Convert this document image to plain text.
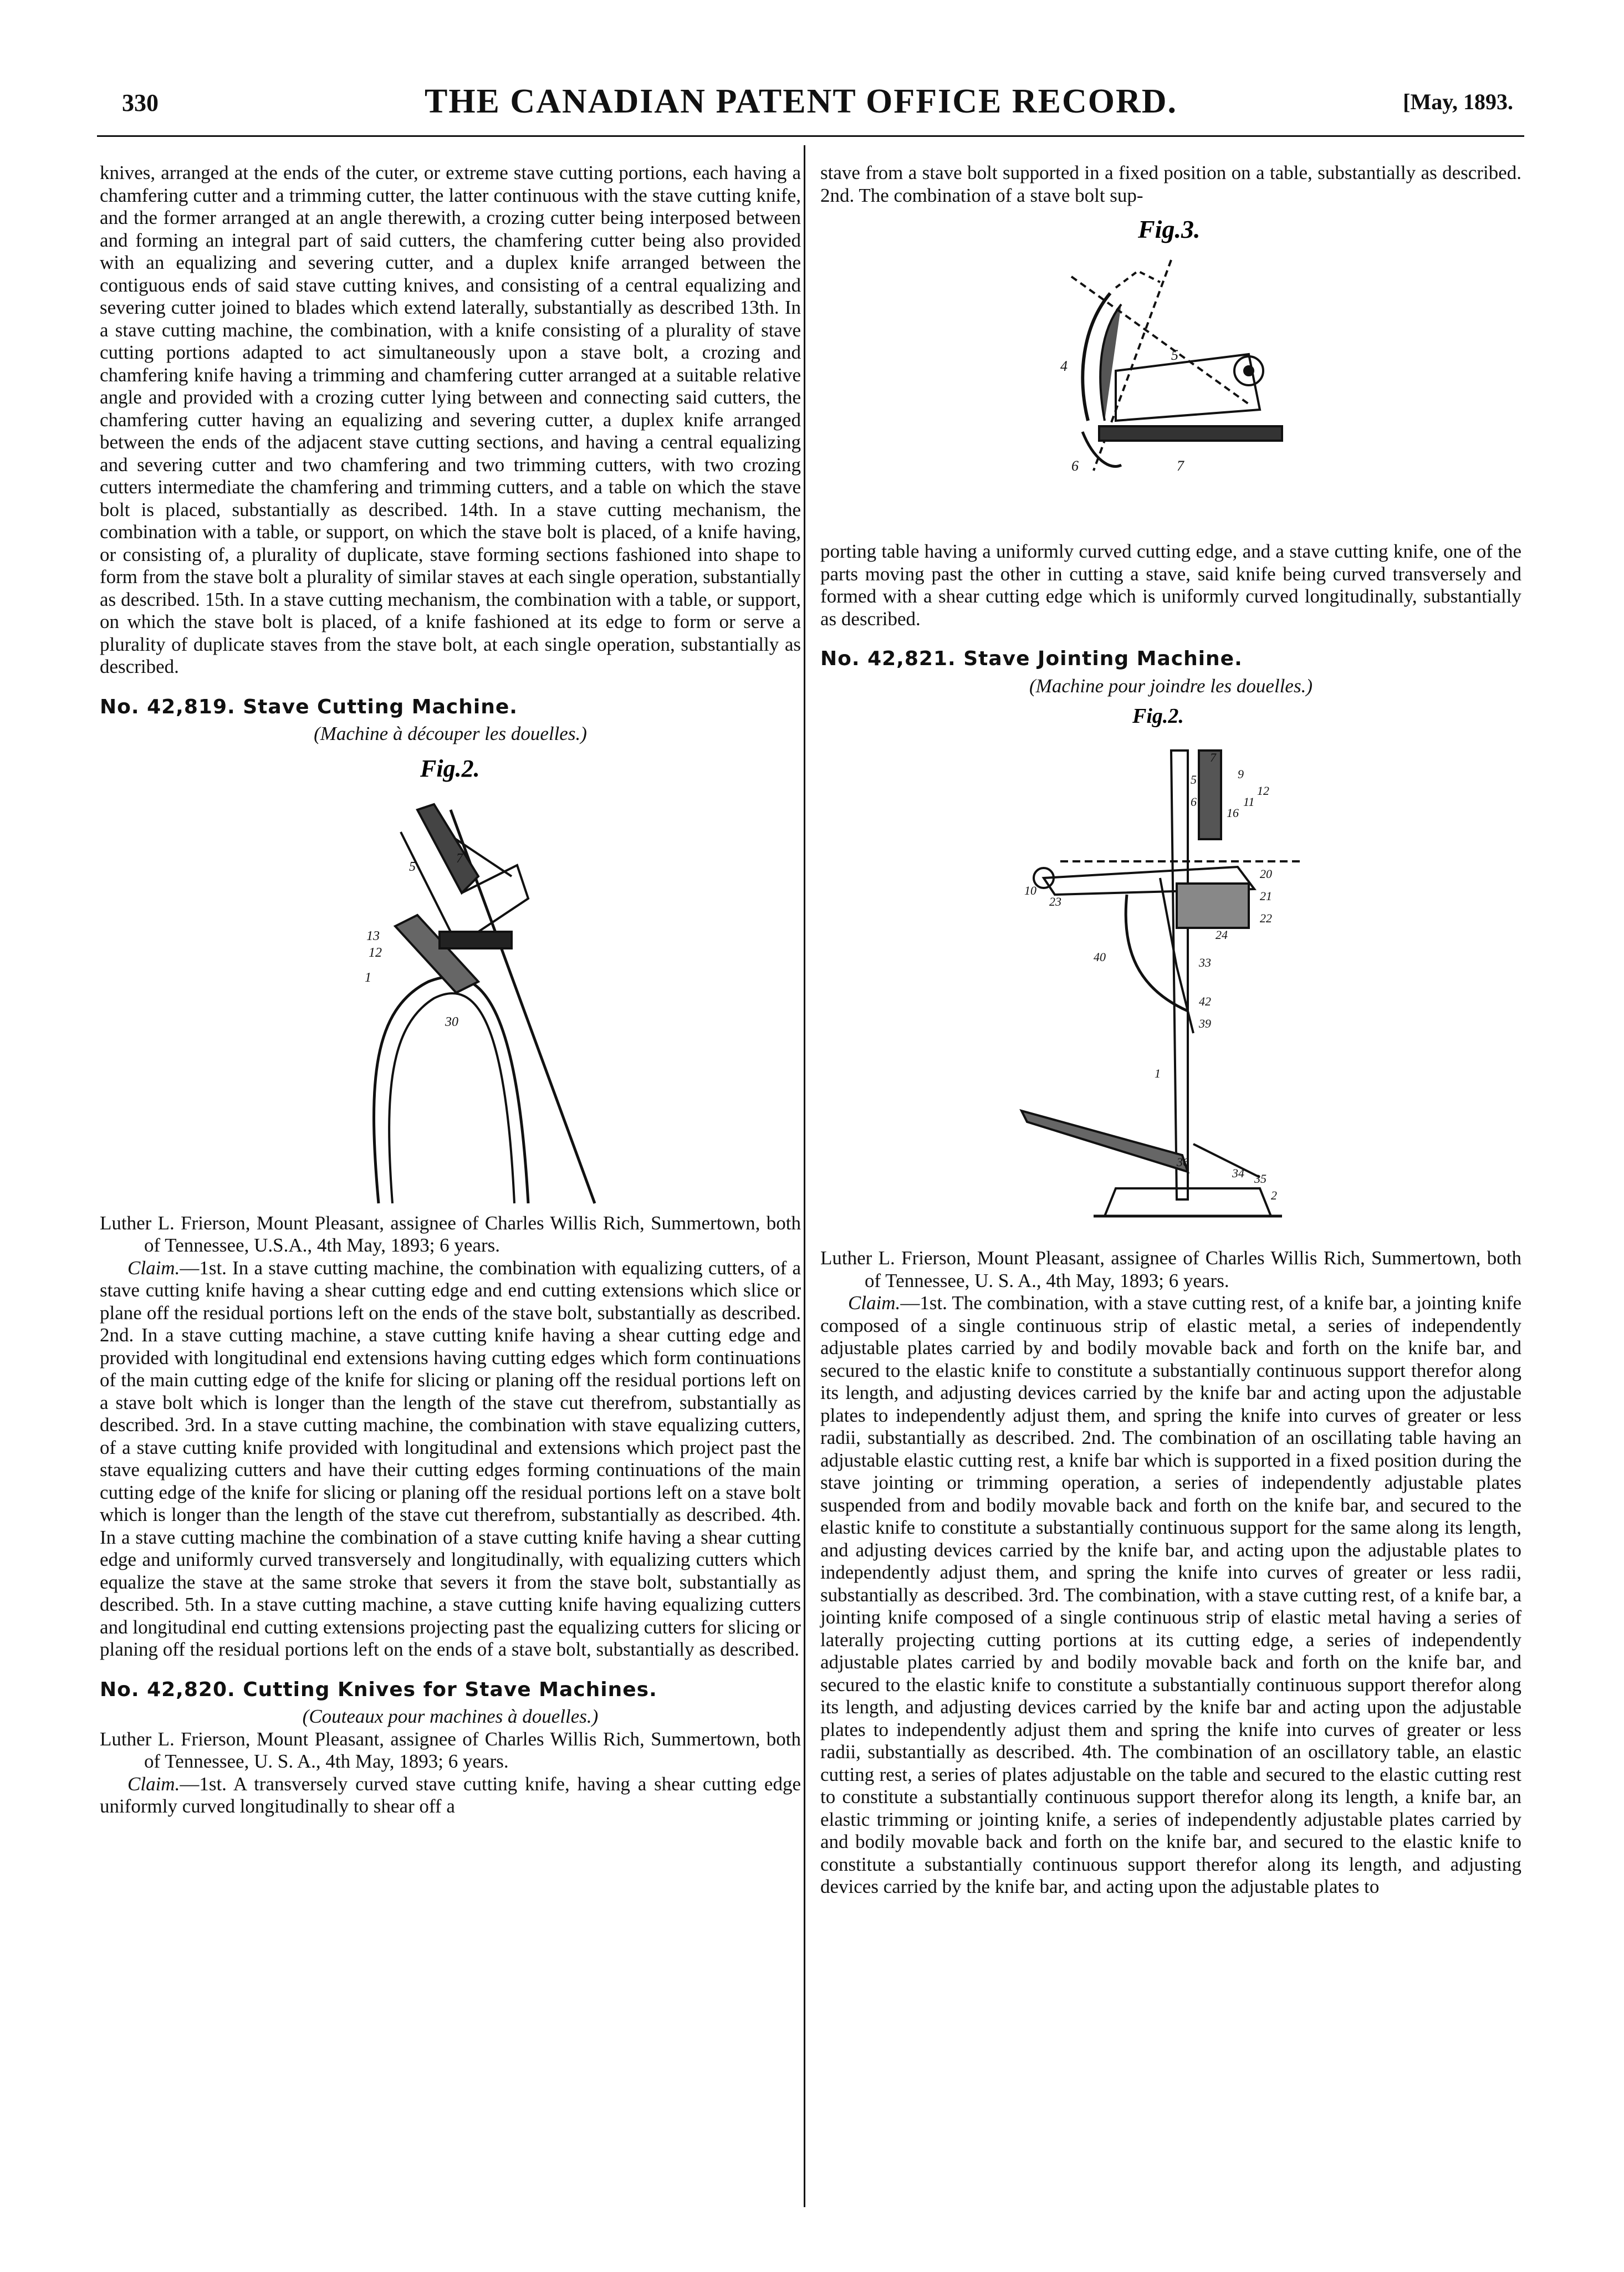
330	THE CANADIAN PATENT OFFICE RECORD.	[May, 1893.

knives, arranged at the ends of the cuter, or extreme stave cutting portions, each having a chamfering cutter and a trimming cutter, the latter continuous with the stave cutting knife, and the former arranged at an angle therewith, a crozing cutter being interposed between and forming an integral part of said cutters, the chamfering cutter being also provided with an equalizing and severing cutter, and a duplex knife arranged between the contiguous ends of said stave cutting knives, and consisting of a central equalizing and severing cutter joined to blades which extend laterally, substantially as described 13th. In a stave cutting machine, the combination, with a knife consisting of a plurality of stave cutting portions adapted to act simultaneously upon a stave bolt, a crozing and chamfering knife having a trimming and chamfering cutter arranged at a suitable relative angle and provided with a crozing cutter lying between and connecting said cutters, the chamfering cutter having an equalizing and severing cutter, a duplex knife arranged between the ends of the adjacent stave cutting sections, and having a central equalizing and severing cutter and two chamfering and two trimming cutters, with two crozing cutters intermediate the chamfering and trimming cutters, and a table on which the stave bolt is placed, substantially as described. 14th. In a stave cutting mechanism, the combination with a table, or support, on which the stave bolt is placed, of a knife having, or consisting of, a plurality of duplicate, stave forming sections fashioned into shape to form from the stave bolt a plurality of similar staves at each single operation, substantially as described. 15th. In a stave cutting mechanism, the combination with a table, or support, on which the stave bolt is placed, of a knife fashioned at its edge to form or serve a plurality of duplicate staves from the stave bolt, at each single operation, substantially as described.

No. 42,819. Stave Cutting Machine.

(Machine à découper les douelles.)

Fig.2.
1
12
13
5
7
30

Luther L. Frierson, Mount Pleasant, assignee of Charles Willis Rich, Summertown, both of Tennessee, U.S.A., 4th May, 1893; 6 years.

Claim.—1st. In a stave cutting machine, the combination with equalizing cutters, of a stave cutting knife having a shear cutting edge and end cutting extensions which slice or plane off the residual portions left on the ends of the stave bolt, substantially as described. 2nd. In a stave cutting machine, a stave cutting knife having a shear cutting edge and provided with longitudinal end extensions having cutting edges which form continuations of the main cutting edge of the knife for slicing or planing off the residual portions left on a stave bolt which is longer than the length of the stave cut therefrom, substantially as described. 3rd. In a stave cutting machine, the combination with stave equalizing cutters, of a stave cutting knife provided with longitudinal and extensions which project past the stave equalizing cutters and have their cutting edges forming continuations of the main cutting edge of the knife for slicing or planing off the residual portions left on a stave bolt which is longer than the length of the stave cut therefrom, substantially as described. 4th. In a stave cutting machine the combination of a stave cutting knife having a shear cutting edge and uniformly curved transversely and longitudinally, with equalizing cutters which equalize the stave at the same stroke that severs it from the stave bolt, substantially as described. 5th. In a stave cutting machine, a stave cutting knife having equalizing cutters and longitudinal end cutting extensions projecting past the equalizing cutters for slicing or planing off the residual portions left on the ends of a stave bolt, substantially as described.

No. 42,820. Cutting Knives for Stave Machines.

(Couteaux pour machines à douelles.)

Luther L. Frierson, Mount Pleasant, assignee of Charles Willis Rich, Summertown, both of Tennessee, U. S. A., 4th May, 1893; 6 years.

Claim.—1st. A transversely curved stave cutting knife, having a shear cutting edge uniformly curved longitudinally to shear off a

stave from a stave bolt supported in a fixed position on a table, substantially as described. 2nd. The combination of a stave bolt sup-

Fig.3.
4
5
6	7

porting table having a uniformly curved cutting edge, and a stave cutting knife, one of the parts moving past the other in cutting a stave, said knife being curved transversely and formed with a shear cutting edge which is uniformly curved longitudinally, substantially as described.

No. 42,821. Stave Jointing Machine.

(Machine pour joindre les douelles.)

Fig.2.
7
9
5
6	11
12
16
10
20
21
22
23
24
33
40
42
39
35
36
34
2
1

Luther L. Frierson, Mount Pleasant, assignee of Charles Willis Rich, Summertown, both of Tennessee, U. S. A., 4th May, 1893; 6 years.

Claim.—1st. The combination, with a stave cutting rest, of a knife bar, a jointing knife composed of a single continuous strip of elastic metal, a series of independently adjustable plates carried by and bodily movable back and forth on the knife bar, and secured to the elastic knife to constitute a substantially continuous support therefor along its length, and adjusting devices carried by the knife bar and acting upon the adjustable plates to independently adjust them, and spring the knife into curves of greater or less radii, substantially as described. 2nd. The combination of an oscillating table having an adjustable elastic cutting rest, a knife bar which is supported in a fixed position during the stave jointing or trimming operation, a series of independently adjustable plates suspended from and bodily movable back and forth on the knife bar, and secured to the elastic knife to constitute a substantially continuous support for the same along its length, and adjusting devices carried by the knife bar, and acting upon the adjustable plates to independently adjust them, and spring the knife into curves of greater or less radii, substantially as described. 3rd. The combination, with a stave cutting rest, of a knife bar, a jointing knife composed of a single continuous strip of elastic metal having a series of laterally projecting cutting portions at its cutting edge, a series of independently adjustable plates carried by and bodily movable back and forth on the knife bar, and secured to the elastic knife to constitute a substantially continuous support therefor along its length, and adjusting devices carried by the knife bar and acting upon the adjustable plates to independently adjust them and spring the knife into curves of greater or less radii, substantially as described. 4th. The combination of an oscillatory table, an elastic cutting rest, a series of plates adjustable on the table and secured to the elastic cutting rest to constitute a substantially continuous support therefor along its length, a knife bar, an elastic trimming or jointing knife, a series of independently adjustable plates carried by and bodily movable back and forth on the knife bar, and secured to the elastic knife to constitute a substantially continuous support therefor along its length, and adjusting devices carried by the knife bar, and acting upon the adjustable plates to
